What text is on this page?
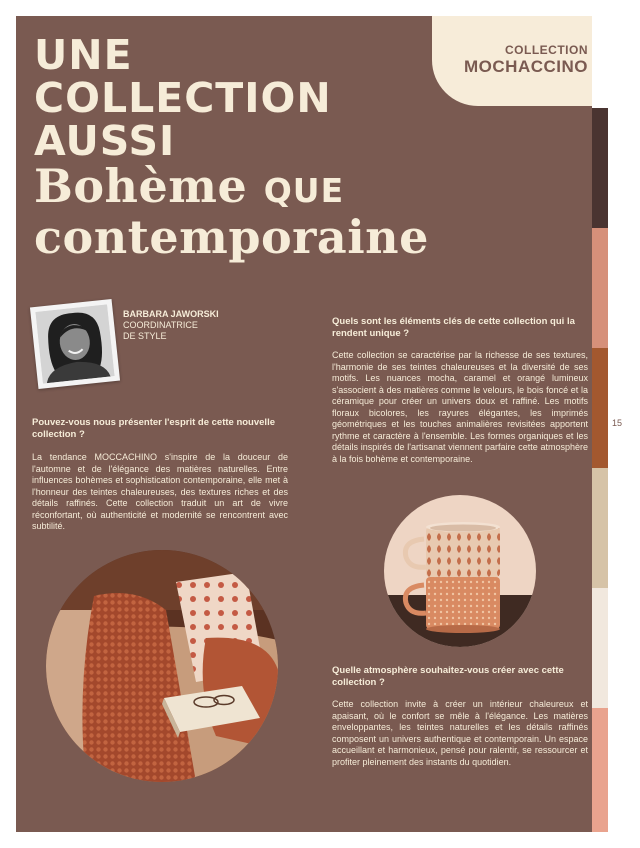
UNE
COLLECTION
AUSSI
Bohème QUE
contemporaine
COLLECTION
MOCHACCINO
BARBARA JAWORSKI
COORDINATRICE
DE STYLE

Pouvez-vous nous présenter l'esprit de cette nouvelle collection ?

La tendance MOCCACHINO s'inspire de la douceur de l'automne et de l'élégance des matières naturelles. Entre influences bohèmes et sophistication contemporaine, elle met à l'honneur des teintes chaleureuses, des textures riches et des détails raffinés. Cette collection traduit un art de vivre réconfortant, où authenticité et modernité se rencontrent avec subtilité.

Quels sont les éléments clés de cette collection qui la rendent unique ?

Cette collection se caractérise par la richesse de ses textures, l'harmonie de ses teintes chaleureuses et la diversité de ses motifs. Les nuances mocha, caramel et orangé lumineux s'associent à des matières comme le velours, le bois foncé et la céramique pour créer un univers doux et raffiné. Les motifs floraux bicolores, les rayures élégantes, les imprimés géométriques et les touches animalières revisitées apportent rythme et caractère à l'ensemble. Les formes organiques et les détails inspirés de l'artisanat viennent parfaire cette atmosphère à la fois bohème et contemporaine.

Quelle atmosphère souhaitez-vous créer avec cette collection ?

Cette collection invite à créer un intérieur chaleureux et apaisant, où le confort se mêle à l'élégance. Les matières enveloppantes, les teintes naturelles et les détails raffinés composent un univers authentique et contemporain. Un espace accueillant et harmonieux, pensé pour ralentir, se ressourcer et profiter pleinement des instants du quotidien.

15
